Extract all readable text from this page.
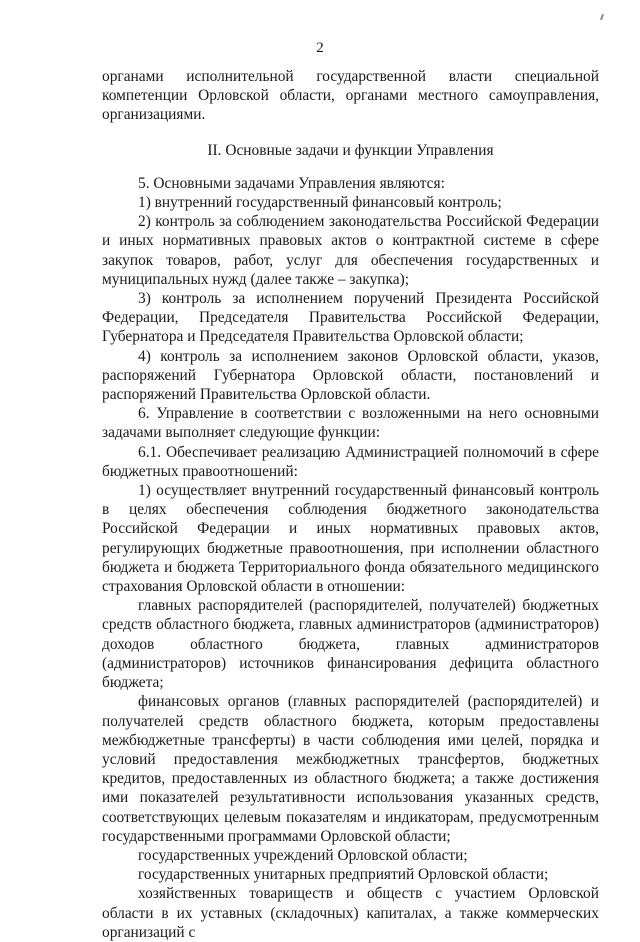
2

органами исполнительной государственной власти специальной компетенции Орловской области, органами местного самоуправления, организациями.

II. Основные задачи и функции Управления

5. Основными задачами Управления являются:

1) внутренний государственный финансовый контроль;

2) контроль за соблюдением законодательства Российской Федерации и иных нормативных правовых актов о контрактной системе в сфере закупок товаров, работ, услуг для обеспечения государственных и муниципальных нужд (далее также – закупка);

3) контроль за исполнением поручений Президента Российской Федерации, Председателя Правительства Российской Федерации, Губернатора и Председателя Правительства Орловской области;

4) контроль за исполнением законов Орловской области, указов, распоряжений Губернатора Орловской области, постановлений и распоряжений Правительства Орловской области.

6. Управление в соответствии с возложенными на него основными задачами выполняет следующие функции:

6.1. Обеспечивает реализацию Администрацией полномочий в сфере бюджетных правоотношений:

1) осуществляет внутренний государственный финансовый контроль в целях обеспечения соблюдения бюджетного законодательства Российской Федерации и иных нормативных правовых актов, регулирующих бюджетные правоотношения, при исполнении областного бюджета и бюджета Территориального фонда обязательного медицинского страхования Орловской области в отношении:

главных распорядителей (распорядителей, получателей) бюджетных средств областного бюджета, главных администраторов (администраторов) доходов областного бюджета, главных администраторов (администраторов) источников финансирования дефицита областного бюджета;

финансовых органов (главных распорядителей (распорядителей) и получателей средств областного бюджета, которым предоставлены межбюджетные трансферты) в части соблюдения ими целей, порядка и условий предоставления межбюджетных трансфертов, бюджетных кредитов, предоставленных из областного бюджета; а также достижения ими показателей результативности использования указанных средств, соответствующих целевым показателям и индикаторам, предусмотренным государственными программами Орловской области;

государственных учреждений Орловской области;

государственных унитарных предприятий Орловской области;

хозяйственных товариществ и обществ с участием Орловской области в их уставных (складочных) капиталах, а также коммерческих организаций с
